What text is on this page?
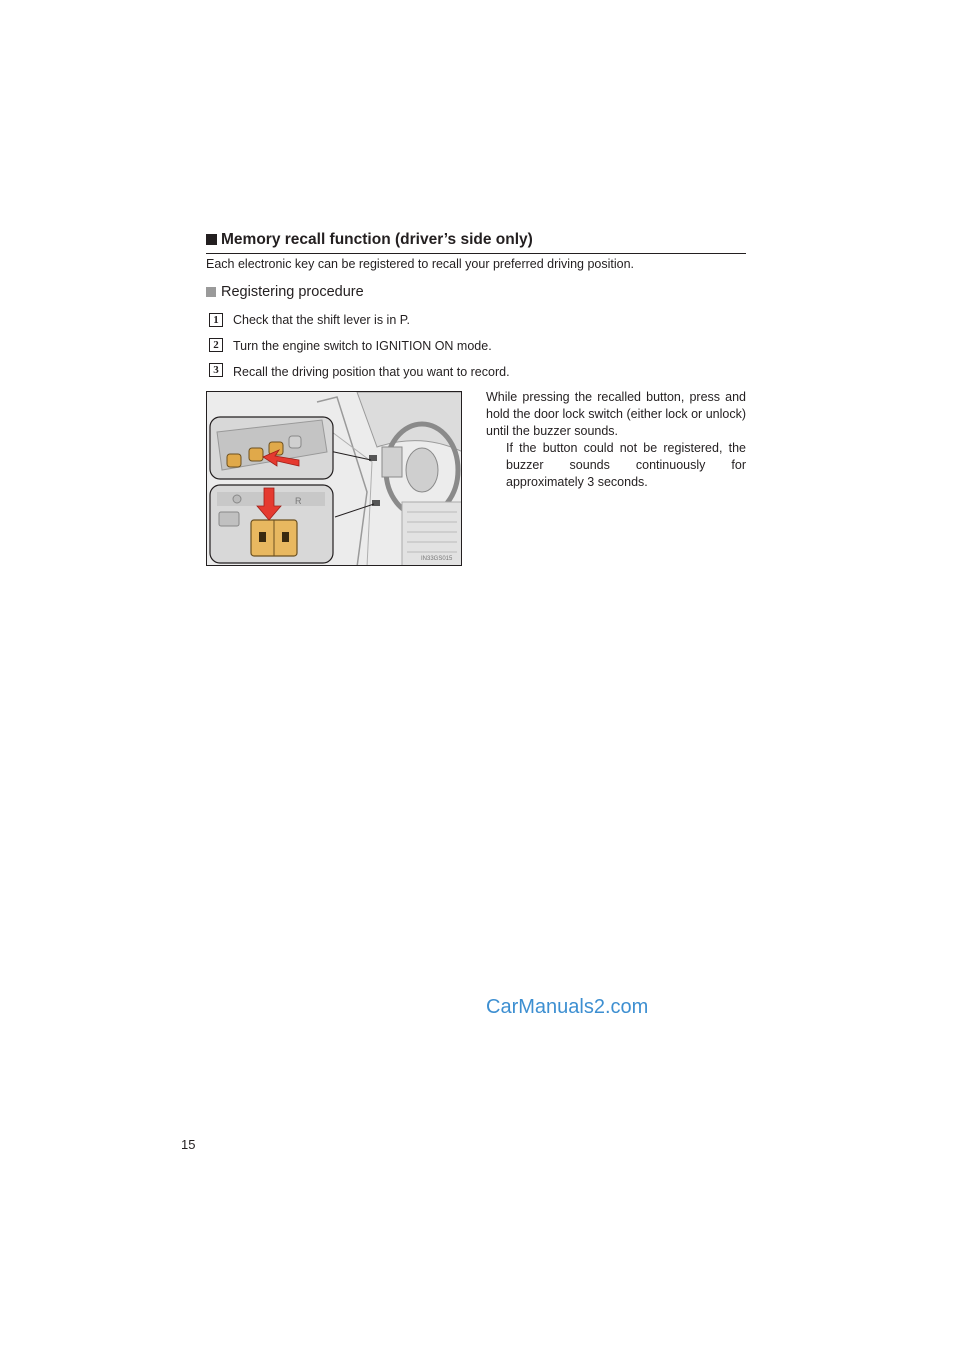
Memory recall function (driver’s side only)
Each electronic key can be registered to recall your preferred driving position.
Registering procedure
1	Check that the shift lever is in P.
2	Turn the engine switch to IGNITION ON mode.
3	Recall the driving position that you want to record.
While pressing the recalled button, press and hold the door lock switch (either lock or unlock) until the buzzer sounds.
If the button could not be registered, the buzzer sounds continuously for approximately 3 seconds.
R
IN33GS015
CarManuals2.com
15
